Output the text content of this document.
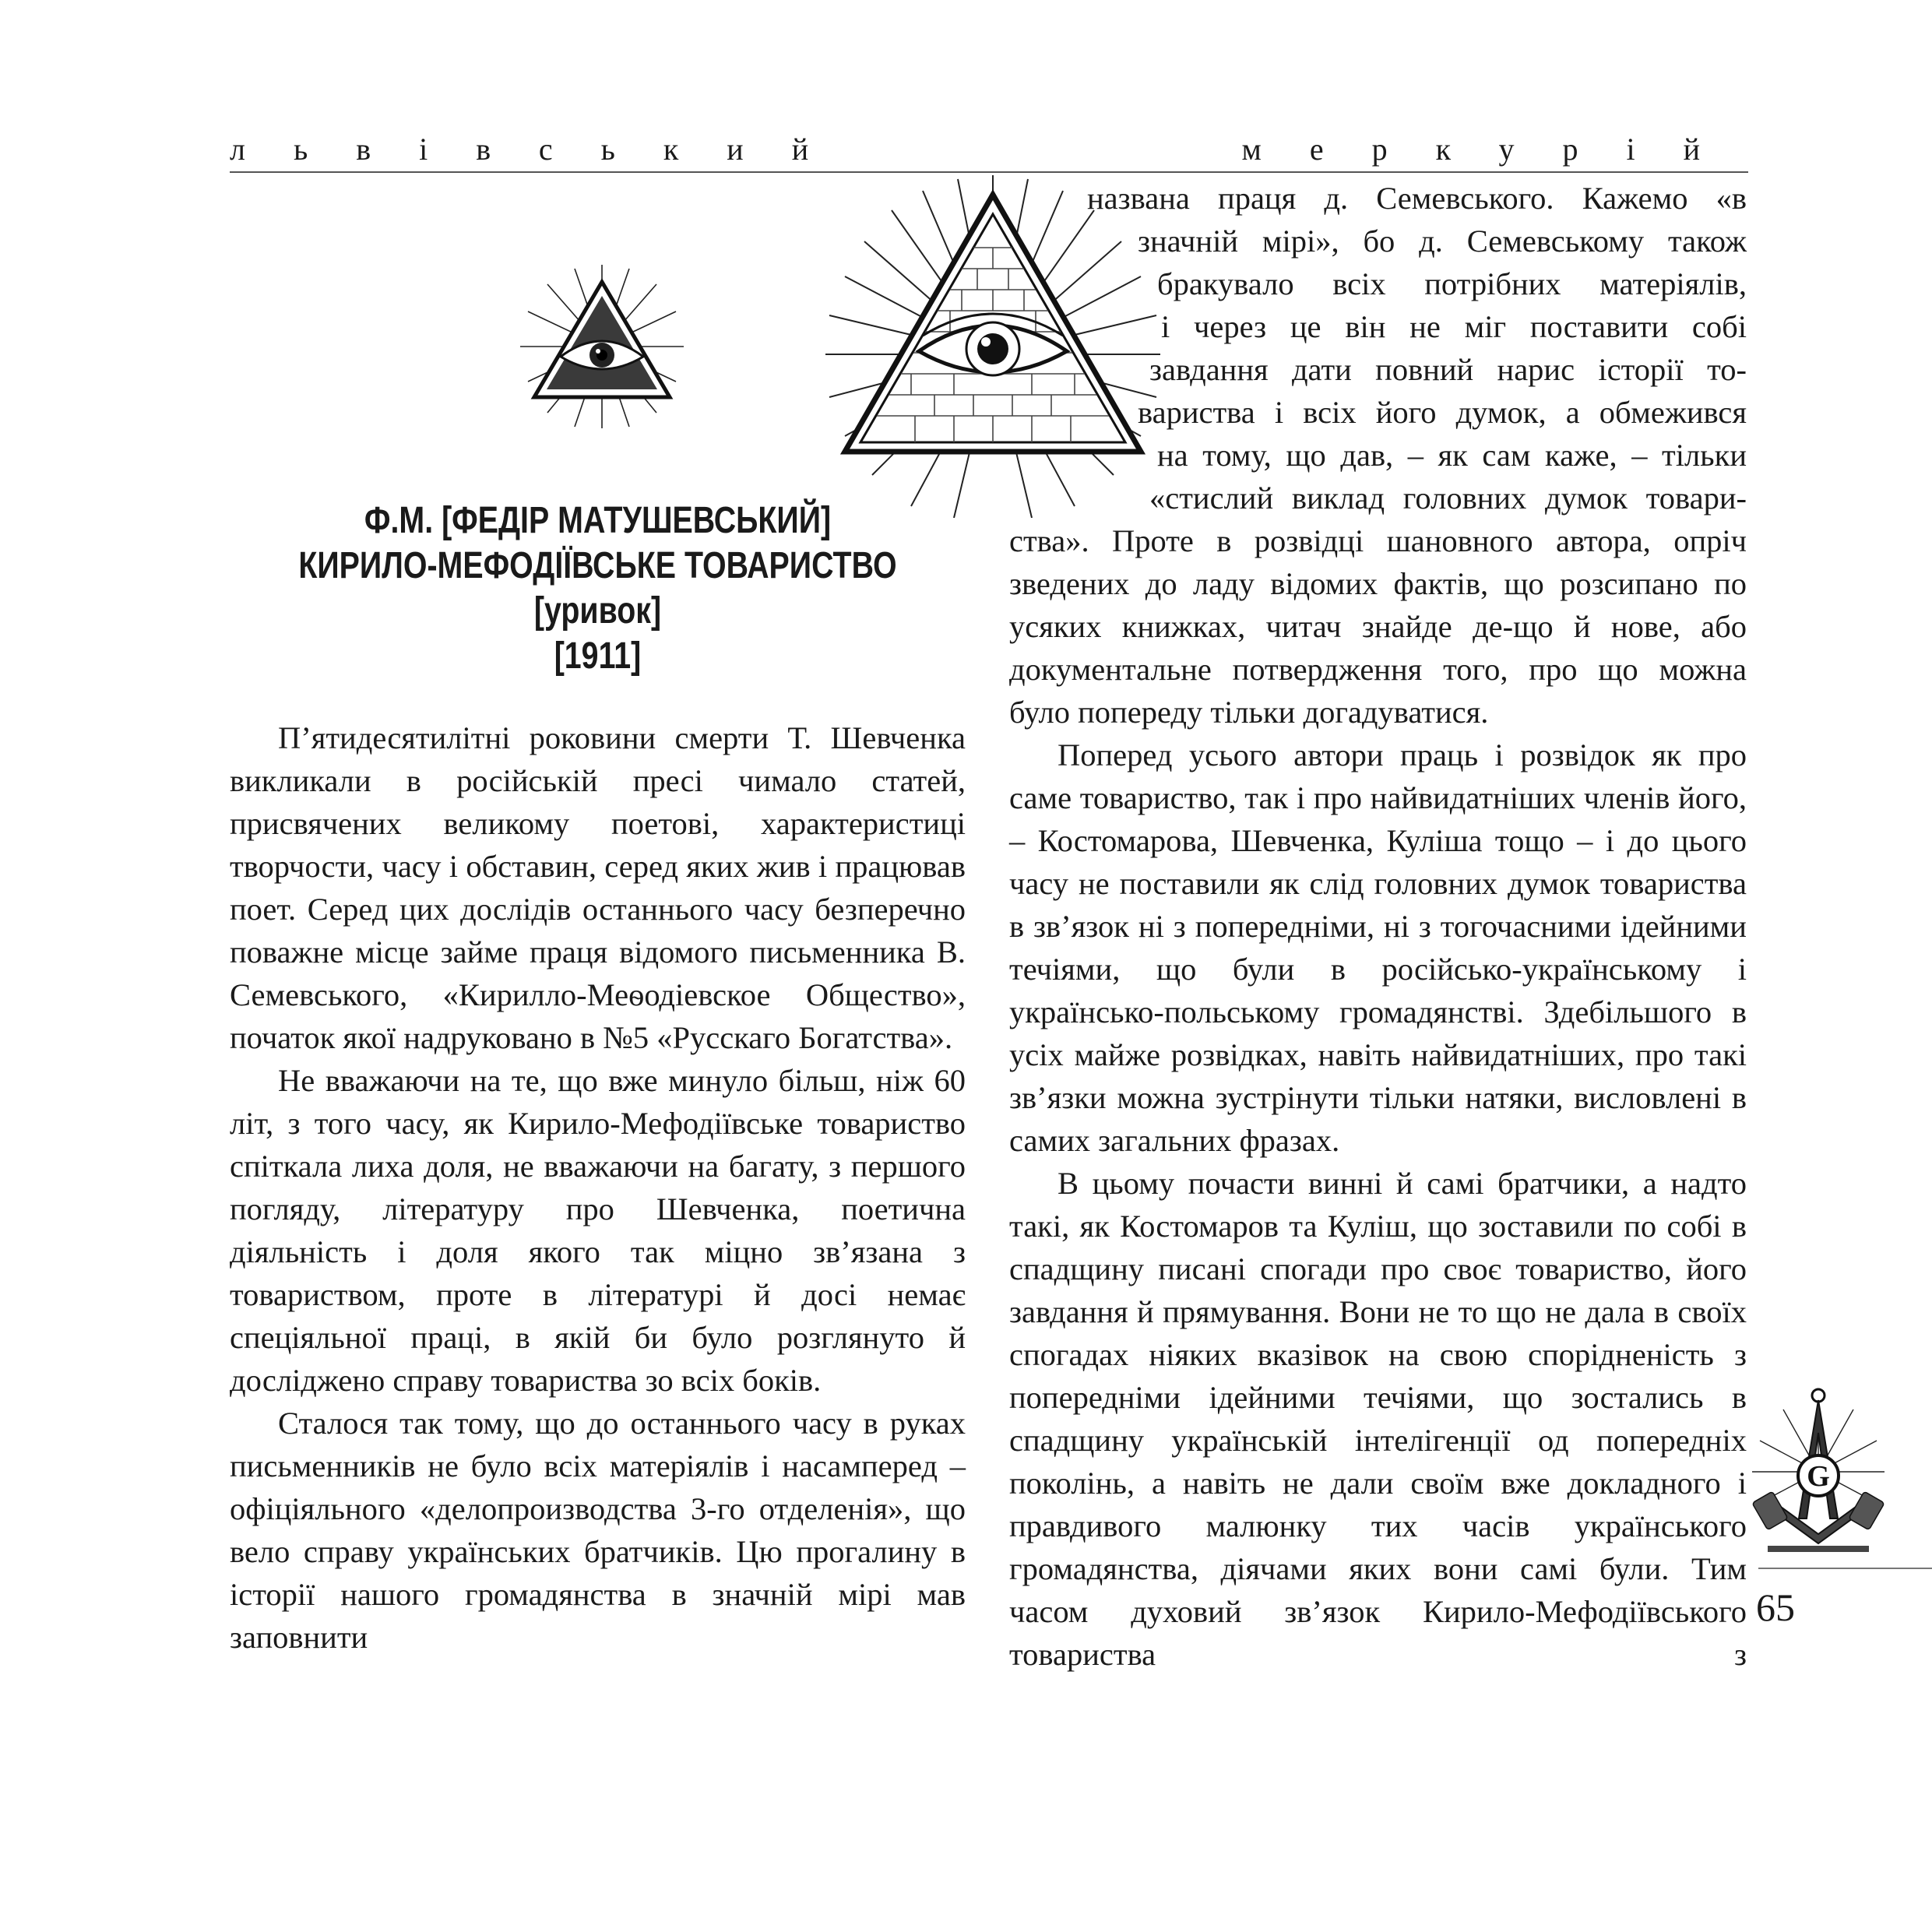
львівський меркурій
Ф.М. [ФЕДІР МАТУШЕВСЬКИЙ]
КИРИЛО-МЕФОДІЇВСЬКЕ ТОВАРИСТВО
[уривок]
[1911]

П’ятидесятилітні роковини смерти Т. Шевченка викликали в російській пресі чимало статей, присвячених великому поетові, характеристиці творчости, часу і обставин, серед яких жив і працював поет. Серед цих дослідів останнього часу безперечно поважне місце займе праця відомого письменника В. Семевського, «Кирилло-Меѳодіевское Общество», початок якої надруковано в №5 «Русскаго Богатства».

Не вважаючи на те, що вже минуло більш, ніж 60 літ, з того часу, як Кирило-Мефодіївське товариство спіткала лиха доля, не вважаючи на багату, з першого погляду, літературу про Шевченка, поетична діяльність і доля якого так міцно зв’язана з товариством, проте в літературі й досі немає спеціяльної праці, в якій би було розглянуто й досліджено справу товариства зо всіх боків.

Сталося так тому, що до останнього часу в руках письменників не було всіх матеріялів і насамперед – офіціяльного «делопроизводства 3-го отделенія», що вело справу українських братчиків. Цю прогалину в історії нашого громадянства в значній мірі мав заповнити

названа праця д. Семевського. Кажемо «в
значній мірі», бо д. Семевському також
бракувало всіх потрібних матеріялів,
і через це він не міг поставити собі
завдання дати повний нарис історії то-
вариства і всіх його думок, а обмежився
на тому, що дав, – як сам каже, – тільки
«стислий виклад головних думок товари-

ства». Проте в розвідці шановного автора, опріч зведених до ладу відомих фактів, що розсипано по усяких книжках, читач знайде де-що й нове, або документальне потвердження того, про що можна було попереду тільки догадуватися.

Поперед усього автори праць і розвідок як про саме товариство, так і про найвидатніших членів його, – Костомарова, Шевченка, Куліша тощо – і до цього часу не поставили як слід головних думок товариства в зв’язок ні з попередніми, ні з тогочасними ідейними течіями, що були в російсько-українському і українсько-польському громадянстві. Здебільшого в усіх майже розвідках, навіть найвидатніших, про такі зв’язки можна зустрінути тільки натяки, висловлені в самих загальних фразах.

В цьому почасти винні й самі братчики, а надто такі, як Костомаров та Куліш, що зоставили по собі в спадщину писані спогади про своє товариство, його завдання й прямування. Вони не то що не дала в своїх спогадах ніяких вказівок на свою спорідненість з попередніми ідейними течіями, що зостались в спадщину українській інтелігенції од попередніх поколінь, а навіть не дали своїм вже докладного і правдивого малюнку тих часів українського громадянства, діячами яких вони самі були. Тим часом духовий зв’язок Кирило-Мефодіївського товариства з

G
65
